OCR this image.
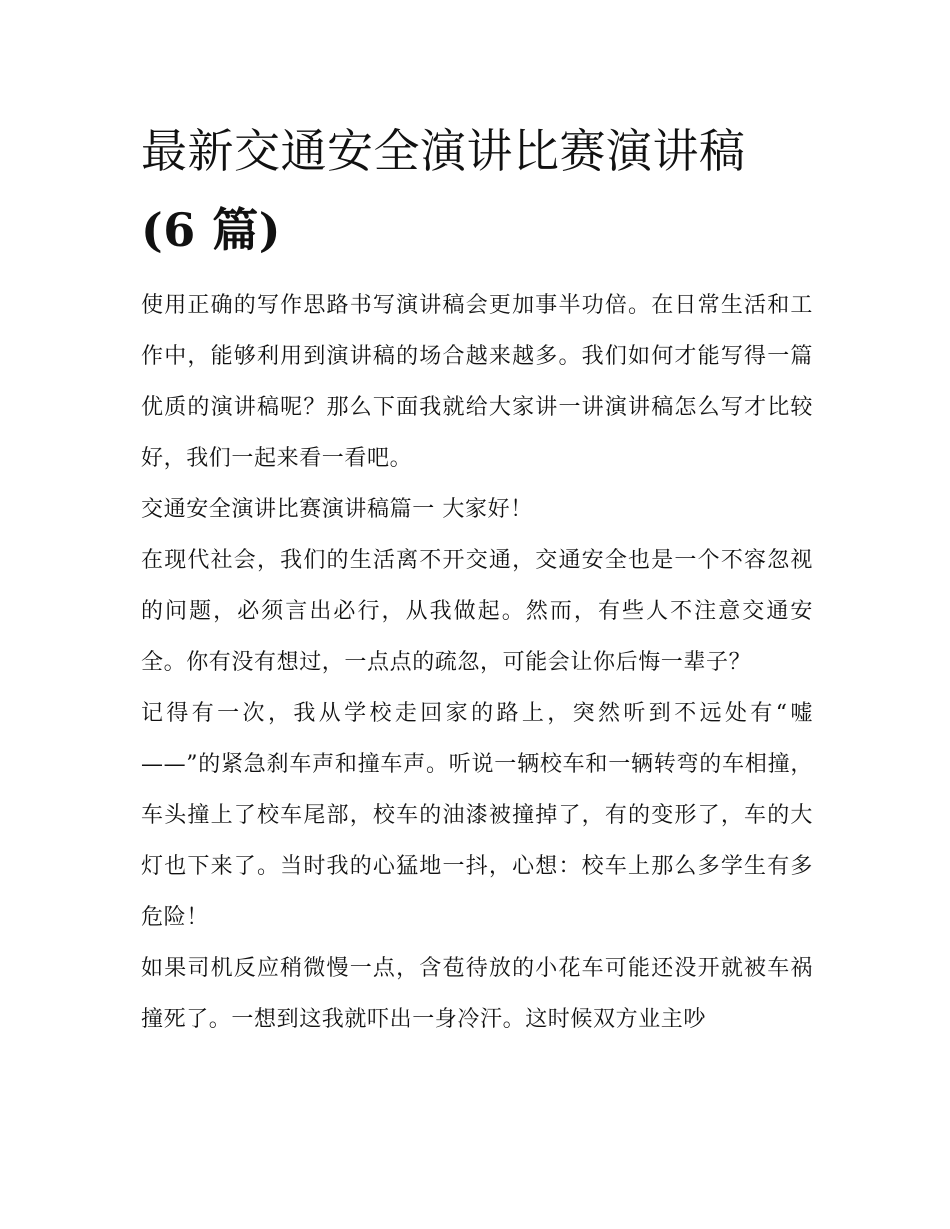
最新交通安全演讲比赛演讲稿
(6 篇)

使用正确的写作思路书写演讲稿会更加事半功倍。在日常生活和工作中，能够利用到演讲稿的场合越来越多。我们如何才能写得一篇优质的演讲稿呢？那么下面我就给大家讲一讲演讲稿怎么写才比较好，我们一起来看一看吧。

交通安全演讲比赛演讲稿篇一 大家好！

在现代社会，我们的生活离不开交通，交通安全也是一个不容忽视的问题，必须言出必行，从我做起。然而，有些人不注意交通安全。你有没有想过，一点点的疏忽，可能会让你后悔一辈子？

记得有一次，我从学校走回家的路上，突然听到不远处有“嘘——”的紧急刹车声和撞车声。听说一辆校车和一辆转弯的车相撞，车头撞上了校车尾部，校车的油漆被撞掉了，有的变形了，车的大灯也下来了。当时我的心猛地一抖，心想：校车上那么多学生有多危险！

如果司机反应稍微慢一点，含苞待放的小花车可能还没开就被车祸撞死了。一想到这我就吓出一身冷汗。这时候双方业主吵
